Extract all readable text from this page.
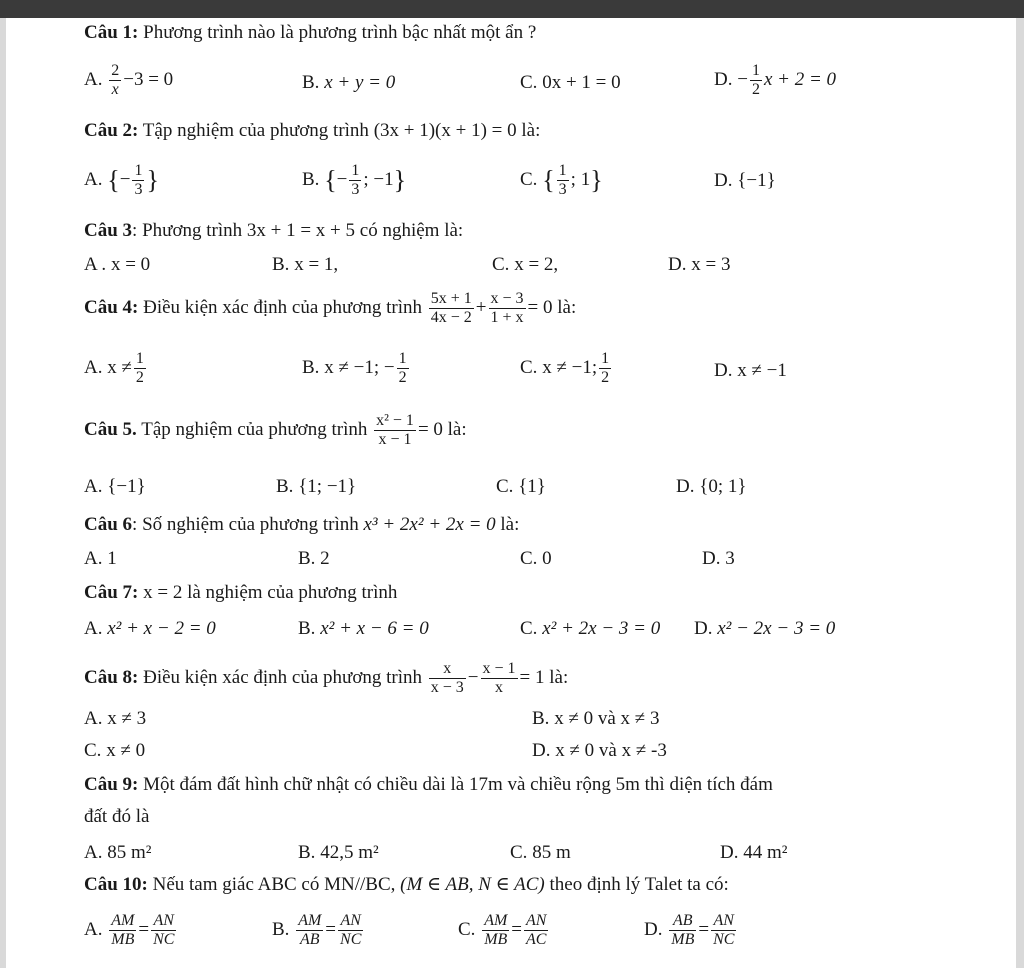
Câu 1: Phương trình nào là phương trình bậc nhất một ẩn ?
A. $\frac{2}{x} -3 = 0$	B. x + y = 0	C. 0x + 1 = 0	D. − $\frac{1}{2}$ x + 2 = 0
Câu 2: Tập nghiệm của phương trình (3x + 1)(x + 1) = 0 là:
A. {− $\frac{1}{3}$ }	B. {− $\frac{1}{3}$ ; −1}	C. { $\frac{1}{3}$ ; 1}	D. {−1}
Câu 3: Phương trình 3x + 1 = x + 5 có nghiệm là:
A . x = 0	B. x = 1,	C. x = 2,	D. x = 3
Câu 4: Điều kiện xác định của phương trình $\frac{5x + 1}{4x - 2} + \frac{x - 3}{1 + x} = 0$ là:
A. $x \ne \frac{1}{2}$	B. x ≠ −1; − $\frac{1}{2}$	C. x ≠ −1; $\frac{1}{2}$	D. x ≠ −1
Câu 5. Tập nghiệm của phương trình $\frac{\text{x² − 1}}{x - 1} = 0$ là:
A. {−1}	B. {1; −1}	C. {1}	D. {0; 1}
Câu 6: Số nghiệm của phương trình x³ + 2x² + 2x = 0 là:
A. 1	B. 2	C. 0	D. 3
Câu 7: x = 2 là nghiệm của phương trình
A. x² + x − 2 = 0	B. x² + x − 6 = 0	C. x² + 2x − 3 = 0 D. x² − 2x − 3 = 0
Câu 8: Điều kiện xác định của phương trình $\frac{x}{x - 3} - \frac{x - 1}{x} = 1$ là:
A. x ≠ 3	B. x ≠ 0 và x ≠ 3
C. x ≠ 0	D. x ≠ 0 và x ≠ -3
Câu 9: Một đám đất hình chữ nhật có chiều dài là 17m và chiều rộng 5m thì diện tích đám
đất đó là
A. 85 m²	B. 42,5 m²	C. 85 m	D. 44 m²
Câu 10: Nếu tam giác ABC có MN//BC, (M ∈ AB, N ∈ AC) theo định lý Talet ta có:
A. $\frac{AM}{MB} = \frac{AN}{NC}$	B. $\frac{AM}{AB} = \frac{AN}{NC}$	C. $\frac{AM}{MB} = \frac{AN}{AC}$	D. $\frac{AB}{MB} = \frac{AN}{NC}$
